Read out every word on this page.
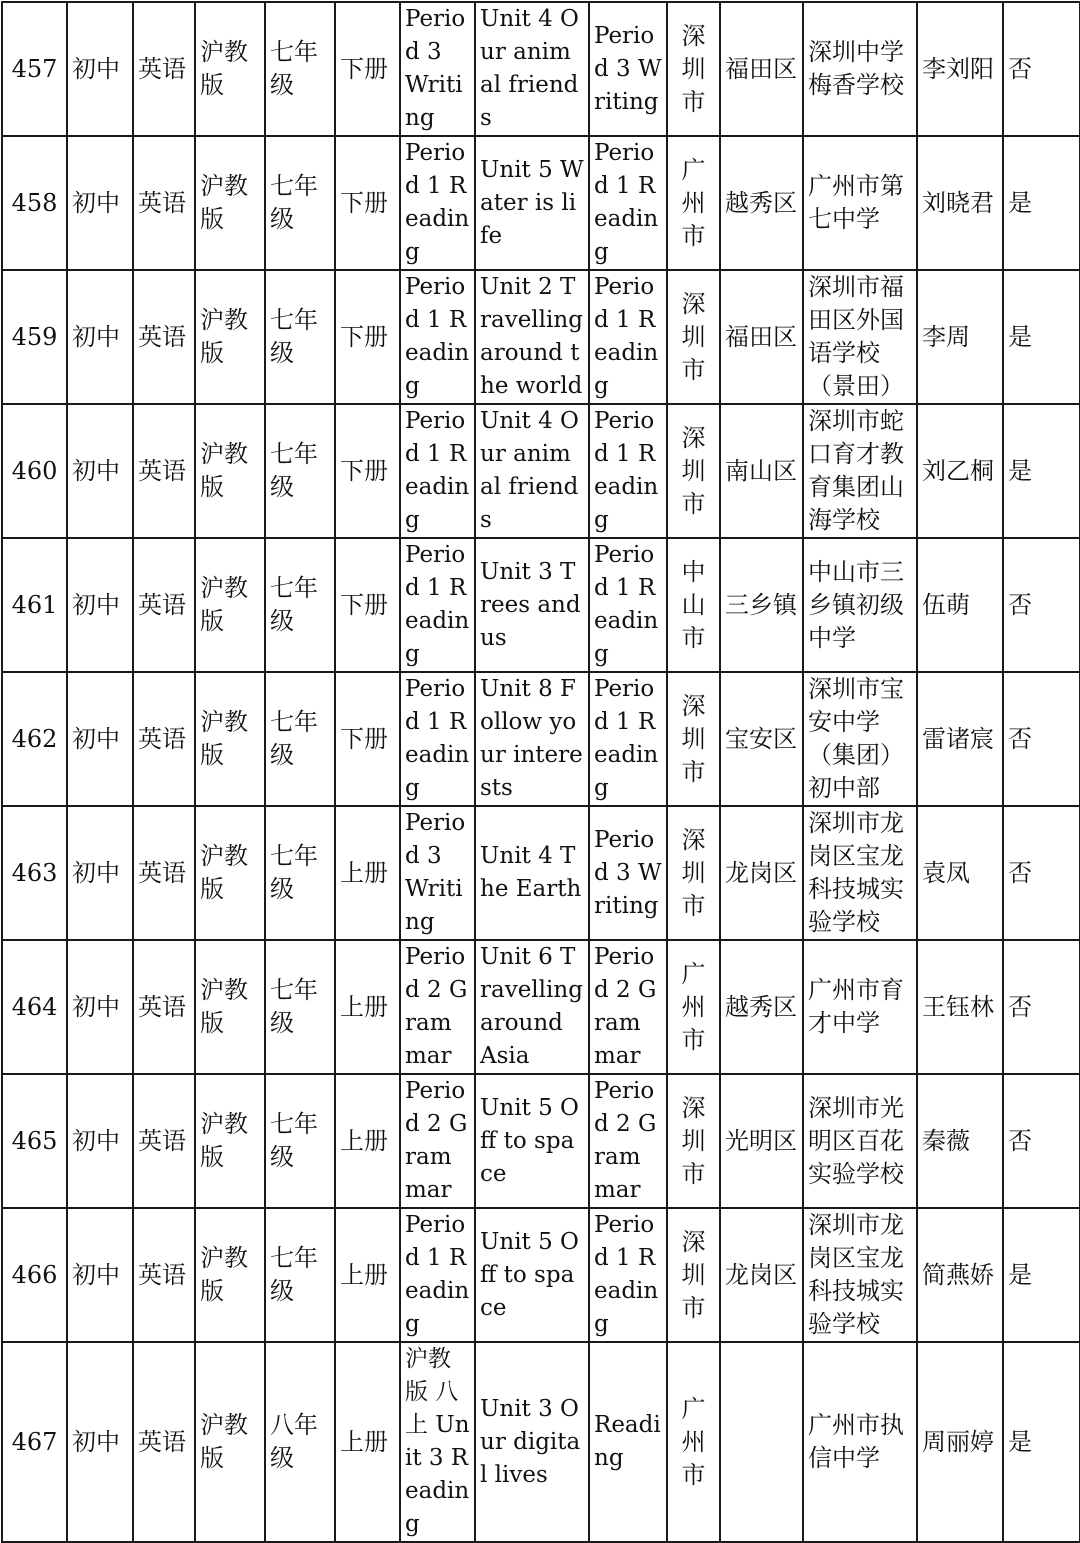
457	初中	英语	沪教版	七年级	下册	Period 3 Writing	Unit 4 Our animal friends	Period 3 Writing	深圳市	福田区	深圳中学梅香学校	李刘阳	否
458	初中	英语	沪教版	七年级	下册	Period 1 Reading	Unit 5 Water is life	Period 1 Reading	广州市	越秀区	广州市第七中学	刘晓君	是
459	初中	英语	沪教版	七年级	下册	Period 1 Reading	Unit 2 Travelling around the world	Period 1 Reading	深圳市	福田区	深圳市福田区外国语学校（景田）	李周	是
460	初中	英语	沪教版	七年级	下册	Period 1 Reading	Unit 4 Our animal friends	Period 1 Reading	深圳市	南山区	深圳市蛇口育才教育集团山海学校	刘乙桐	是
461	初中	英语	沪教版	七年级	下册	Period 1 Reading	Unit 3 Trees and us	Period 1 Reading	中山市	三乡镇	中山市三乡镇初级中学	伍萌	否
462	初中	英语	沪教版	七年级	下册	Period 1 Reading	Unit 8 Follow your interests	Period 1 Reading	深圳市	宝安区	深圳市宝安中学（集团）初中部	雷诸宸	否
463	初中	英语	沪教版	七年级	上册	Period 3 Writing	Unit 4 The Earth	Period 3 Writing	深圳市	龙岗区	深圳市龙岗区宝龙科技城实验学校	袁凤	否
464	初中	英语	沪教版	七年级	上册	Period 2 Grammar	Unit 6 Travelling around Asia	Period 2 Grammar	广州市	越秀区	广州市育才中学	王钰林	否
465	初中	英语	沪教版	七年级	上册	Period 2 Grammar	Unit 5 Off to space	Period 2 Grammar	深圳市	光明区	深圳市光明区百花实验学校	秦薇	否
466	初中	英语	沪教版	七年级	上册	Period 1 Reading	Unit 5 Off to space	Period 1 Reading	深圳市	龙岗区	深圳市龙岗区宝龙科技城实验学校	简燕娇	是
467	初中	英语	沪教版	八年级	上册	沪教版 八上 Unit 3 Reading	Unit 3 Our digital lives	Reading	广州市		广州市执信中学	周丽婷	是
